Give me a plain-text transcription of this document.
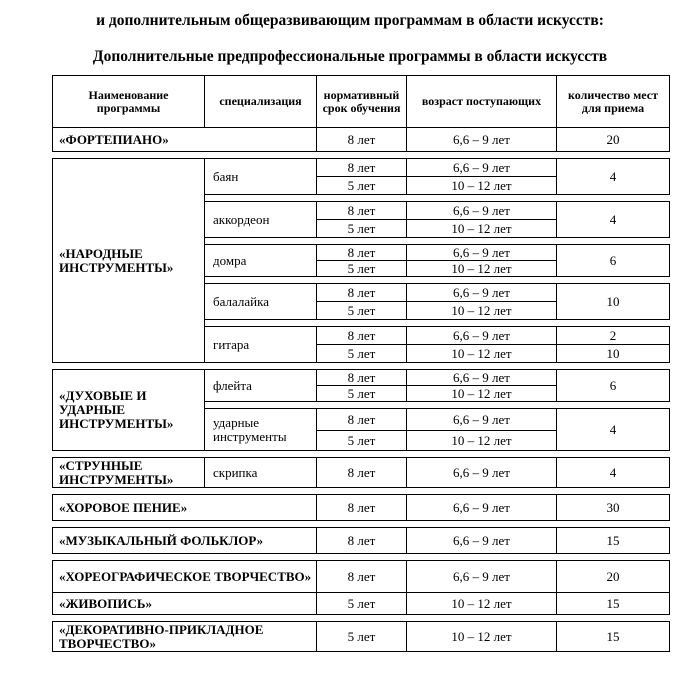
и дополнительным общеразвивающим программам в области искусств:
Дополнительные предпрофессиональные программы в области искусств
Наименование программы	специализация	нормативный срок обучения	возраст поступающих	количество мест для приема
«ФОРТЕПИАНО»		8 лет	6,6 – 9 лет	20

«НАРОДНЫЕ ИНСТРУМЕНТЫ»	баян	8 лет	6,6 – 9 лет	4
		5 лет	10 – 12 лет	

	аккордеон	8 лет	6,6 – 9 лет	4
		5 лет	10 – 12 лет	

	домра	8 лет	6,6 – 9 лет	6
		5 лет	10 – 12 лет	

	балалайка	8 лет	6,6 – 9 лет	10
		5 лет	10 – 12 лет	

	гитара	8 лет	6,6 – 9 лет	2
		5 лет	10 – 12 лет	10

«ДУХОВЫЕ И УДАРНЫЕ ИНСТРУМЕНТЫ»	флейта	8 лет	6,6 – 9 лет	6
		5 лет	10 – 12 лет	

	ударные инструменты	8 лет	6,6 – 9 лет	4
		5 лет	10 – 12 лет	

«СТРУННЫЕ ИНСТРУМЕНТЫ»	скрипка	8 лет	6,6 – 9 лет	4

«ХОРОВОЕ ПЕНИЕ»		8 лет	6,6 – 9 лет	30

«МУЗЫКАЛЬНЫЙ ФОЛЬКЛОР»		8 лет	6,6 – 9 лет	15

«ХОРЕОГРАФИЧЕСКОЕ ТВОРЧЕСТВО»		8 лет	6,6 – 9 лет	20
«ЖИВОПИСЬ»		5 лет	10 – 12 лет	15

«ДЕКОРАТИВНО-ПРИКЛАДНОЕ ТВОРЧЕСТВО»		5 лет	10 – 12 лет	15
